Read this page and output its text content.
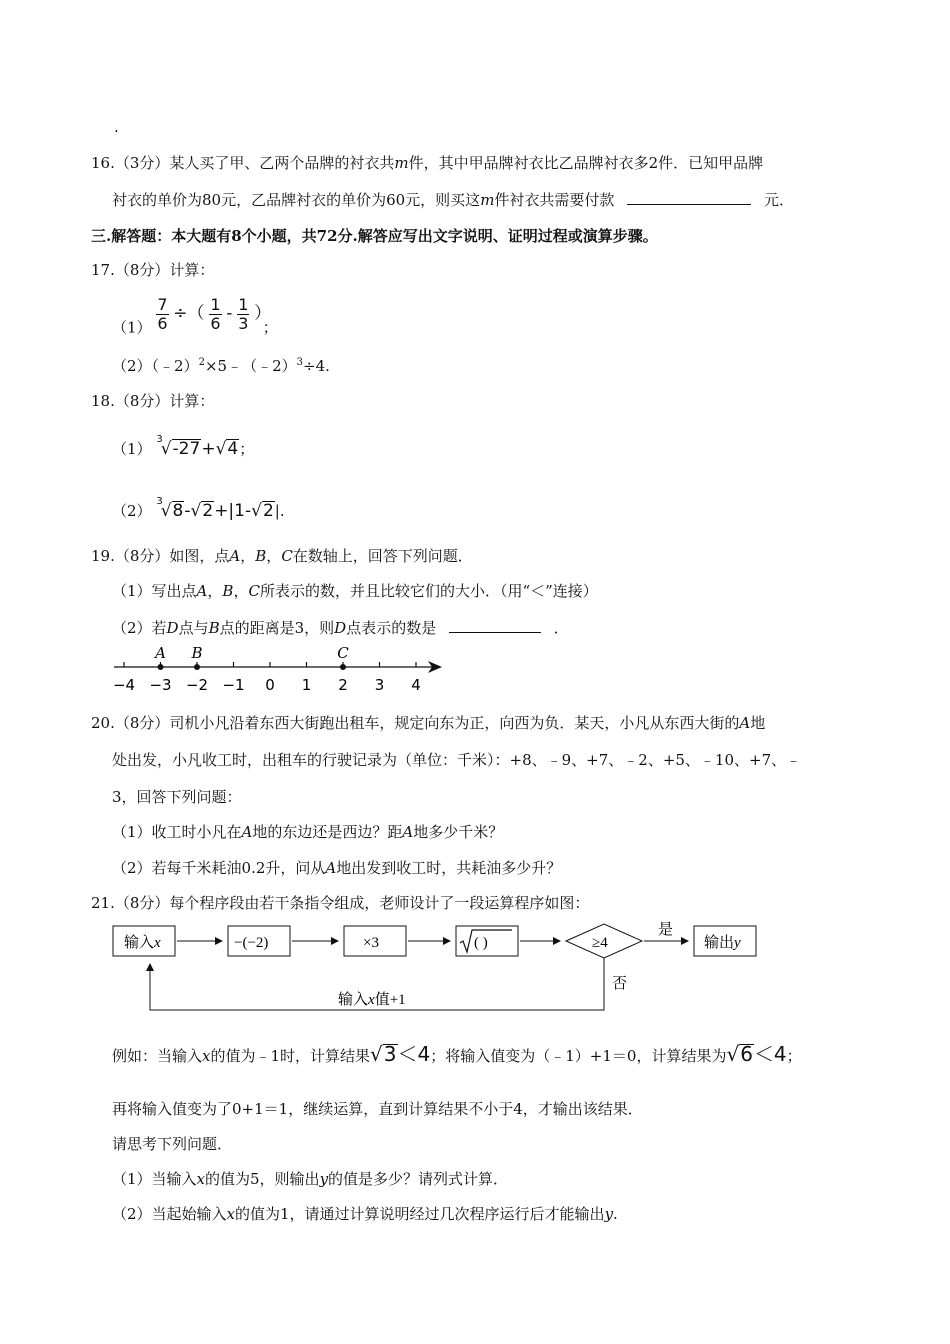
.
16.（3分）某人买了甲、乙两个品牌的衬衣共m件，其中甲品牌衬衣比乙品牌衬衣多2件．已知甲品牌
衬衣的单价为80元，乙品牌衬衣的单价为60元，则买这m件衬衣共需要付款	元．
三.解答题：本大题有8个小题，共72分.解答应写出文字说明、证明过程或演算步骤。
17.（8分）计算：
$(1) \frac{7}{6}$ ÷（ $\frac{1}{6} - \frac{1}{3}$ ）；
（2）（﹣2）$^2$×5﹣（﹣2）$^3$÷4.
18.（8分）计算：
（1） $^3$√-27+√4；
（2） $^3$√8-√2+|1-√2|.
19.（8分）如图，点A，B，C在数轴上，回答下列问题．
（1）写出点A，B，C所表示的数，并且比较它们的大小．（用“＜”连接）
（2）若D点与B点的距离是3，则D点表示的数是	．
−4 −3 −2 −1 0 1 2 3 4
A B	C
20.（8分）司机小凡沿着东西大街跑出租车，规定向东为正，向西为负．某天，小凡从东西大街的A地
处出发，小凡收工时，出租车的行驶记录为（单位：千米）：+8、﹣9、+7、﹣2、+5、﹣10、+7、﹣
3，回答下列问题：
（1）收工时小凡在A地的东边还是西边？距A地多少千米？
（2）若每千米耗油0.2升，问从A地出发到收工时，共耗油多少升？
21.（8分）每个程序段由若干条指令组成，老师设计了一段运算程序如图：
输入x	−(−2)	×3	( )	≥4
是
输出y
否
输入x值+1
例如：当输入x的值为﹣1时，计算结果√3＜4；将输入值变为（﹣1）+1＝0，计算结果为√6＜4；
再将输入值变为了0+1＝1，继续运算，直到计算结果不小于4，才输出该结果．
请思考下列问题．
（1）当输入x的值为5，则输出y的值是多少？请列式计算．
（2）当起始输入x的值为1，请通过计算说明经过几次程序运行后才能输出y.
